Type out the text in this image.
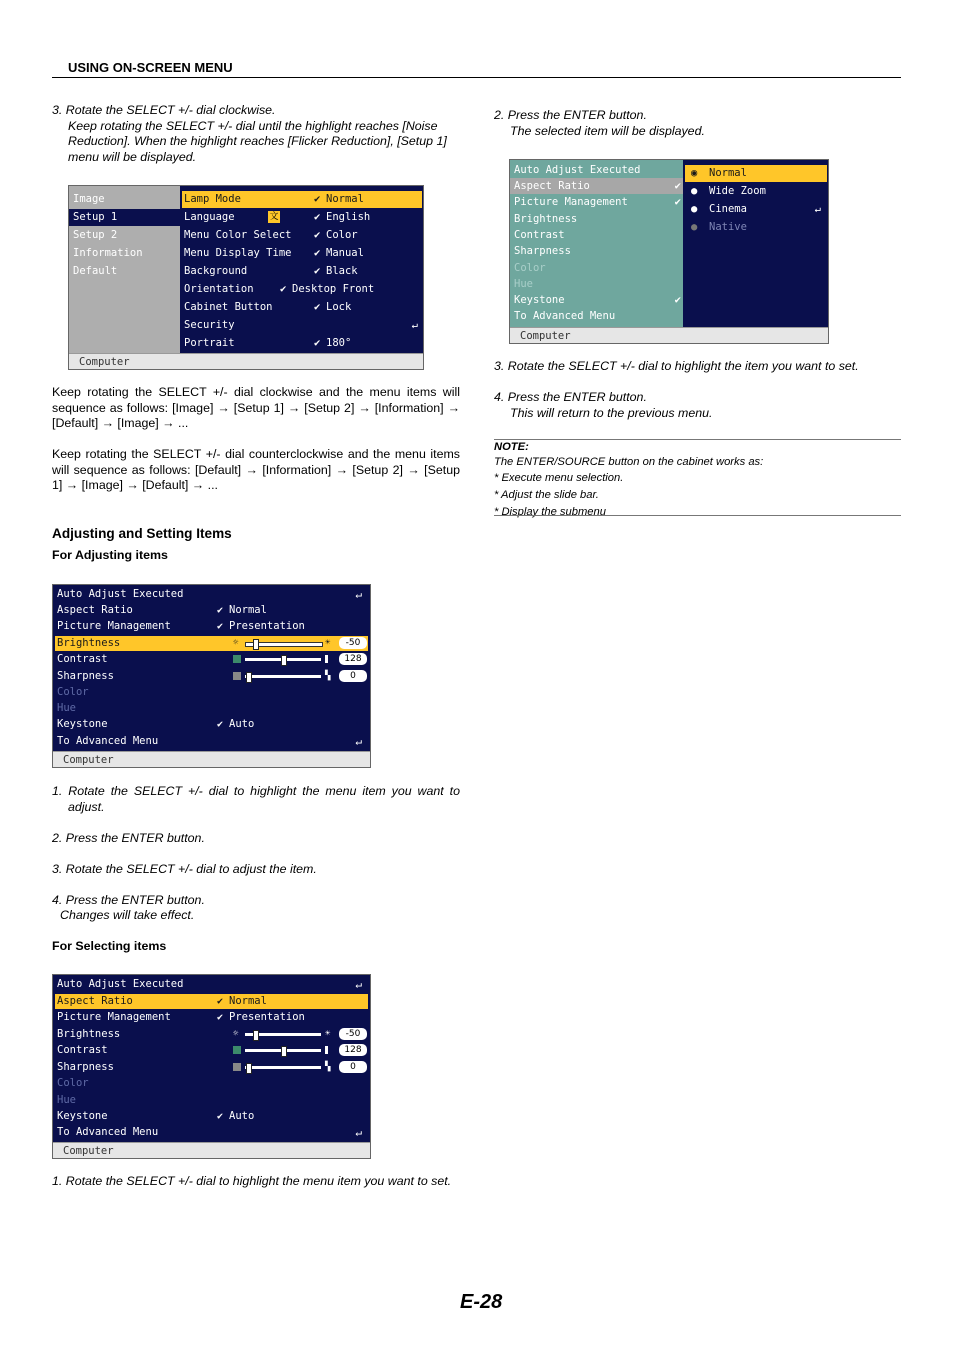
USING ON-SCREEN MENU
3. Rotate the SELECT +/- dial clockwise.
Keep rotating the SELECT +/- dial until the highlight reaches [Noise
Reduction]. When the highlight reaches [Flicker Reduction], [Setup 1]
menu will be displayed.
Image
Setup 1
Setup 2
Information
Default
Lamp Mode	✔ Normal
Language	文	✔ English
Menu Color Select ✔ Color
Menu Display Time ✔ Manual
Background	✔ Black
Orientation	✔ Desktop Front
Cabinet Button	✔ Lock
Security	↵
Portrait	✔ 180°
Computer
Keep rotating the SELECT +/- dial clockwise and the menu items will
sequence as follows: [Image] → [Setup 1] → [Setup 2] → [Information] →
[Default] → [Image] → ...
Keep rotating the SELECT +/- dial counterclockwise and the menu items
will sequence as follows: [Default] → [Information] → [Setup 2] → [Setup
1] → [Image] → [Default] → ...
Adjusting and Setting Items
For Adjusting items
Auto Adjust Executed	↵
Aspect Ratio	✔ Normal
Picture Management	✔ Presentation
Brightness	☼	☀	-50
Contrast	128
Sharpness	▚	0
Color
Hue
Keystone	✔ Auto
To Advanced Menu	↵
Computer
1. Rotate the SELECT +/- dial to highlight the menu item you want to
adjust.
2. Press the ENTER button.
3. Rotate the SELECT +/- dial to adjust the item.
4. Press the ENTER button.
Changes will take effect.
For Selecting items
Auto Adjust Executed	↵
Aspect Ratio	✔ Normal
Picture Management	✔ Presentation
Brightness	☼	☀	-50
Contrast	128
Sharpness	▚	0
Color
Hue
Keystone	✔ Auto
To Advanced Menu	↵
Computer
1. Rotate the SELECT +/- dial to highlight the menu item you want to set.
2. Press the ENTER button.
The selected item will be displayed.
Auto Adjust Executed
Aspect Ratio	✔
Picture Management	✔
Brightness
Contrast
Sharpness
Color
Hue
Keystone	✔
To Advanced Menu
◉ Normal
● Wide Zoom
● Cinema	↵
● Native
Computer
3. Rotate the SELECT +/- dial to highlight the item you want to set.
4. Press the ENTER button.
This will return to the previous menu.
NOTE:
The ENTER/SOURCE button on the cabinet works as:
* Execute menu selection.
* Adjust the slide bar.
* Display the submenu
E-28
